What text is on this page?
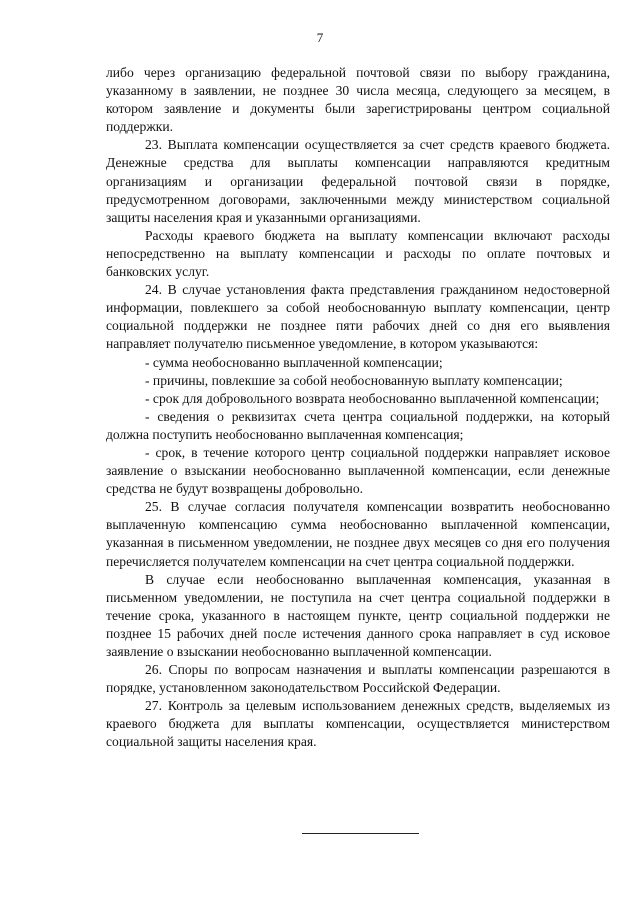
7

либо через организацию федеральной почтовой связи по выбору гражданина, указанному в заявлении, не позднее 30 числа месяца, следующего за месяцем, в котором заявление и документы были зарегистрированы центром социальной поддержки.

23. Выплата компенсации осуществляется за счет средств краевого бюджета. Денежные средства для выплаты компенсации направляются кредитным организациям и организации федеральной почтовой связи в порядке, предусмотренном договорами, заключенными между министерством социальной защиты населения края и указанными организациями.

Расходы краевого бюджета на выплату компенсации включают расходы непосредственно на выплату компенсации и расходы по оплате почтовых и банковских услуг.

24. В случае установления факта представления гражданином недостоверной информации, повлекшего за собой необоснованную выплату компенсации, центр социальной поддержки не позднее пяти рабочих дней со дня его выявления направляет получателю письменное уведомление, в котором указываются:

- сумма необоснованно выплаченной компенсации;

- причины, повлекшие за собой необоснованную выплату компенсации;

- срок для добровольного возврата необоснованно выплаченной компенсации;

- сведения о реквизитах счета центра социальной поддержки, на который должна поступить необоснованно выплаченная компенсация;

- срок, в течение которого центр социальной поддержки направляет исковое заявление о взыскании необоснованно выплаченной компенсации, если денежные средства не будут возвращены добровольно.

25. В случае согласия получателя компенсации возвратить необоснованно выплаченную компенсацию сумма необоснованно выплаченной компенсации, указанная в письменном уведомлении, не позднее двух месяцев со дня его получения перечисляется получателем компенсации на счет центра социальной поддержки.

В случае если необоснованно выплаченная компенсация, указанная в письменном уведомлении, не поступила на счет центра социальной поддержки в течение срока, указанного в настоящем пункте, центр социальной поддержки не позднее 15 рабочих дней после истечения данного срока направляет в суд исковое заявление о взыскании необоснованно выплаченной компенсации.

26. Споры по вопросам назначения и выплаты компенсации разрешаются в порядке, установленном законодательством Российской Федерации.

27. Контроль за целевым использованием денежных средств, выделяемых из краевого бюджета для выплаты компенсации, осуществляется министерством социальной защиты населения края.
